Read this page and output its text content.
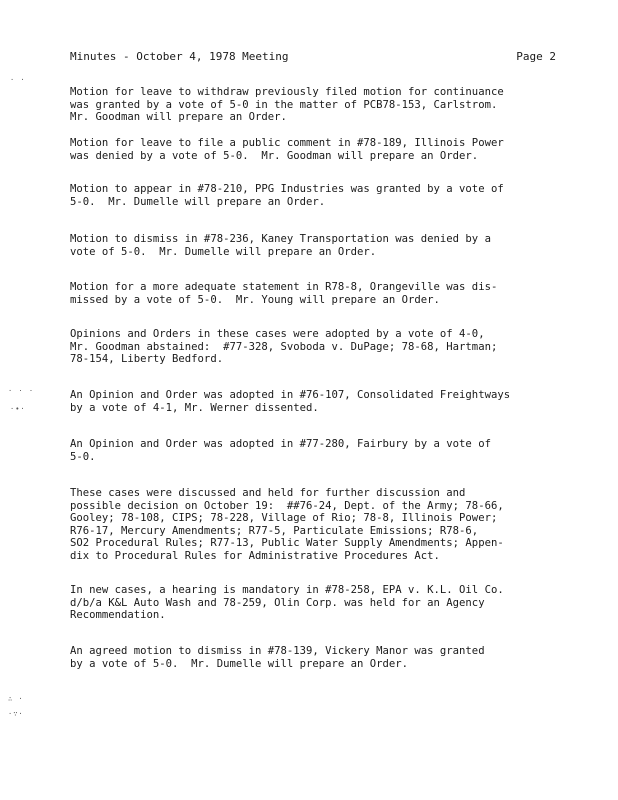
Minutes - October 4, 1978 Meeting	Page 2

Motion for leave to withdraw previously filed motion for continuance
was granted by a vote of 5-0 in the matter of PCB78-153, Carlstrom.
Mr. Goodman will prepare an Order.

Motion for leave to file a public comment in #78-189, Illinois Power
was denied by a vote of 5-0.  Mr. Goodman will prepare an Order.

Motion to appear in #78-210, PPG Industries was granted by a vote of
5-0.  Mr. Dumelle will prepare an Order.

Motion to dismiss in #78-236, Kaney Transportation was denied by a
vote of 5-0.  Mr. Dumelle will prepare an Order.

Motion for a more adequate statement in R78-8, Orangeville was dis-
missed by a vote of 5-0.  Mr. Young will prepare an Order.

Opinions and Orders in these cases were adopted by a vote of 4-0,
Mr. Goodman abstained:  #77-328, Svoboda v. DuPage; 78-68, Hartman;
78-154, Liberty Bedford.

An Opinion and Order was adopted in #76-107, Consolidated Freightways
by a vote of 4-1, Mr. Werner dissented.

An Opinion and Order was adopted in #77-280, Fairbury by a vote of
5-0.

These cases were discussed and held for further discussion and
possible decision on October 19:  ##76-24, Dept. of the Army; 78-66,
Gooley; 78-108, CIPS; 78-228, Village of Rio; 78-8, Illinois Power;
R76-17, Mercury Amendments; R77-5, Particulate Emissions; R78-6,
SO2 Procedural Rules; R77-13, Public Water Supply Amendments; Appen-
dix to Procedural Rules for Administrative Procedures Act.

In new cases, a hearing is mandatory in #78-258, EPA v. K.L. Oil Co.
d/b/a K&L Auto Wash and 78-259, Olin Corp. was held for an Agency
Recommendation.

An agreed motion to dismiss in #78-139, Vickery Manor was granted
by a vote of 5-0.  Mr. Dumelle will prepare an Order.

· ·
. . .
·•·
∴ ·
·∵·
